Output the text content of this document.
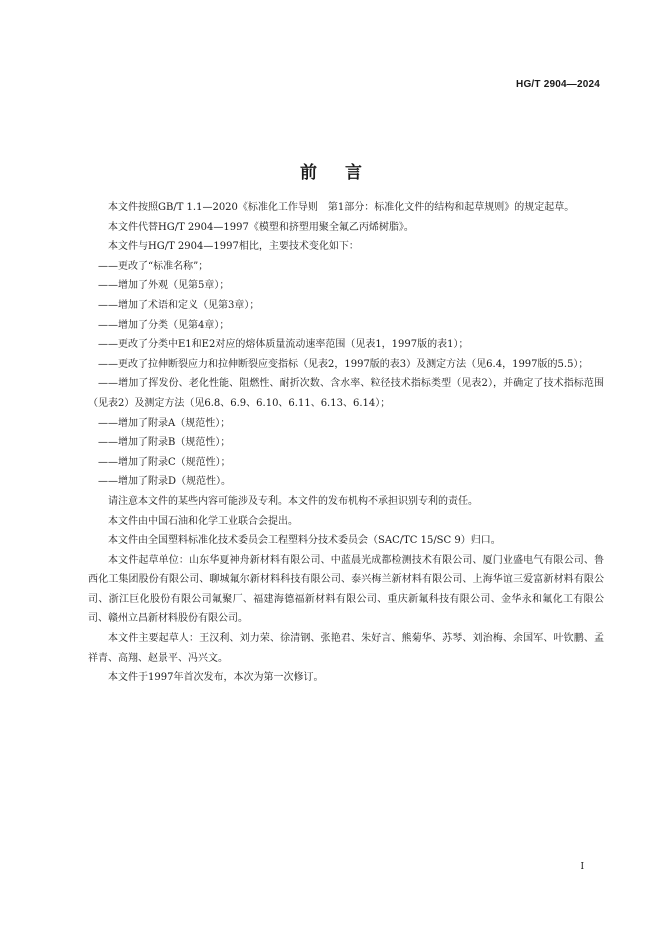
HG/T 2904—2024
前言

本文件按照GB/T 1.1—2020《标准化工作导则　第1部分：标准化文件的结构和起草规则》的规定起草。

本文件代替HG/T 2904—1997《模塑和挤塑用聚全氟乙丙烯树脂》。

本文件与HG/T 2904—1997相比，主要技术变化如下：

——更改了“标准名称”；

——增加了外观（见第5章）；

——增加了术语和定义（见第3章）；

——增加了分类（见第4章）；

——更改了分类中E1和E2对应的熔体质量流动速率范围（见表1，1997版的表1）；

——更改了拉伸断裂应力和拉伸断裂应变指标（见表2，1997版的表3）及测定方法（见6.4，1997版的5.5）；

——增加了挥发份、老化性能、阻燃性、耐折次数、含水率、粒径技术指标类型（见表2），并确定了技术指标范围（见表2）及测定方法（见6.8、6.9、6.10、6.11、6.13、6.14）；

——增加了附录A（规范性）；

——增加了附录B（规范性）；

——增加了附录C（规范性）；

——增加了附录D（规范性）。

请注意本文件的某些内容可能涉及专利。本文件的发布机构不承担识别专利的责任。

本文件由中国石油和化学工业联合会提出。

本文件由全国塑料标准化技术委员会工程塑料分技术委员会（SAC/TC 15/SC 9）归口。

本文件起草单位：山东华夏神舟新材料有限公司、中蓝晨光成都检测技术有限公司、厦门业盛电气有限公司、鲁西化工集团股份有限公司、聊城氟尔新材料科技有限公司、泰兴梅兰新材料有限公司、上海华谊三爱富新材料有限公司、浙江巨化股份有限公司氟聚厂、福建海德福新材料有限公司、重庆新氟科技有限公司、金华永和氟化工有限公司、赣州立昌新材料股份有限公司。

本文件主要起草人：王汉利、刘力荣、徐清钢、张艳君、朱好言、熊菊华、苏琴、刘治梅、余国军、叶钦鹏、孟祥青、高翔、赵景平、冯兴文。

本文件于1997年首次发布，本次为第一次修订。

I
